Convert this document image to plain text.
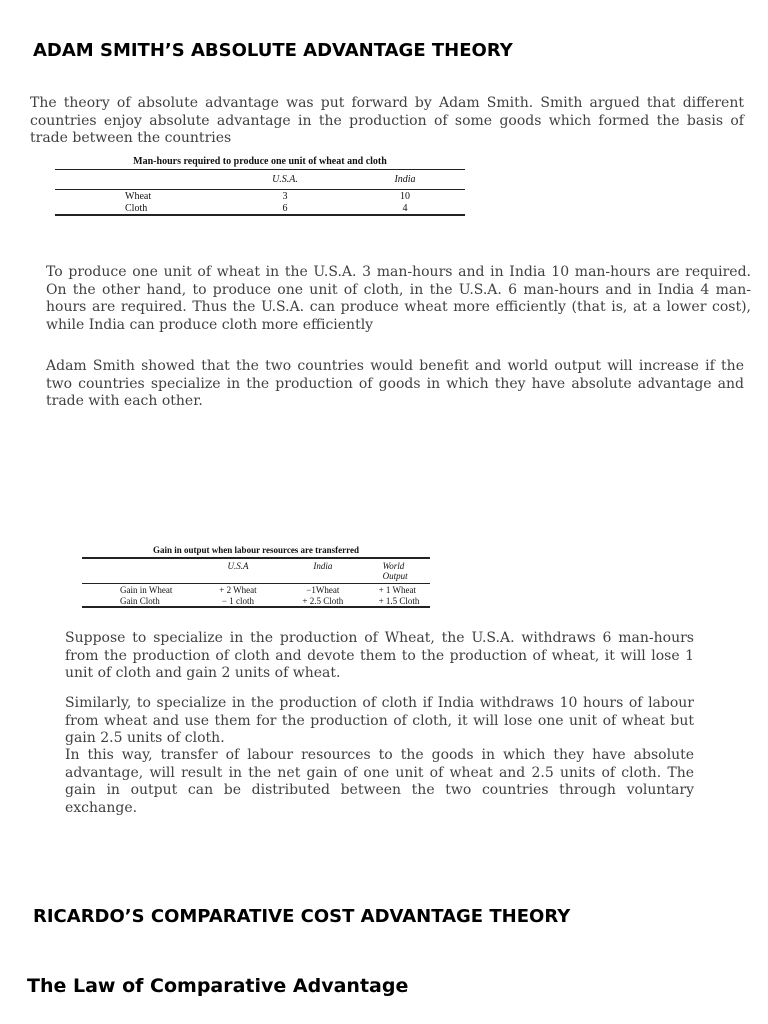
ADAM SMITH’S ABSOLUTE ADVANTAGE THEORY

The theory of absolute advantage was put forward by Adam Smith. Smith argued that different countries enjoy absolute advantage in the production of some goods which formed the basis of trade between the countries

Man-hours required to produce one unit of wheat and cloth
	U.S.A.	India
Wheat	3	10
Cloth	6	4

To produce one unit of wheat in the U.S.A. 3 man-hours and in India 10 man-hours are required. On the other hand, to produce one unit of cloth, in the U.S.A. 6 man-hours and in India 4 man-hours are required. Thus the U.S.A. can produce wheat more efficiently (that is, at a lower cost), while India can produce cloth more efficiently

Adam Smith showed that the two countries would benefit and world output will increase if the two countries specialize in the production of goods in which they have absolute advantage and trade with each other.

Gain in output when labour resources are transferred
	U.S.A	India	World Output
Gain in Wheat	+ 2 Wheat	−1Wheat	+ 1 Wheat
Gain Cloth	− 1 cloth	+ 2.5 Cloth	+ 1.5 Cloth

Suppose to specialize in the production of Wheat, the U.S.A. withdraws 6 man-hours from the production of cloth and devote them to the production of wheat, it will lose 1 unit of cloth and gain 2 units of wheat.

Similarly, to specialize in the production of cloth if India withdraws 10 hours of labour from wheat and use them for the production of cloth, it will lose one unit of wheat but gain 2.5 units of cloth.

In this way, transfer of labour resources to the goods in which they have absolute advantage, will result in the net gain of one unit of wheat and 2.5 units of cloth. The gain in output can be distributed between the two countries through voluntary exchange.

RICARDO’S COMPARATIVE COST ADVANTAGE THEORY
The Law of Comparative Advantage
